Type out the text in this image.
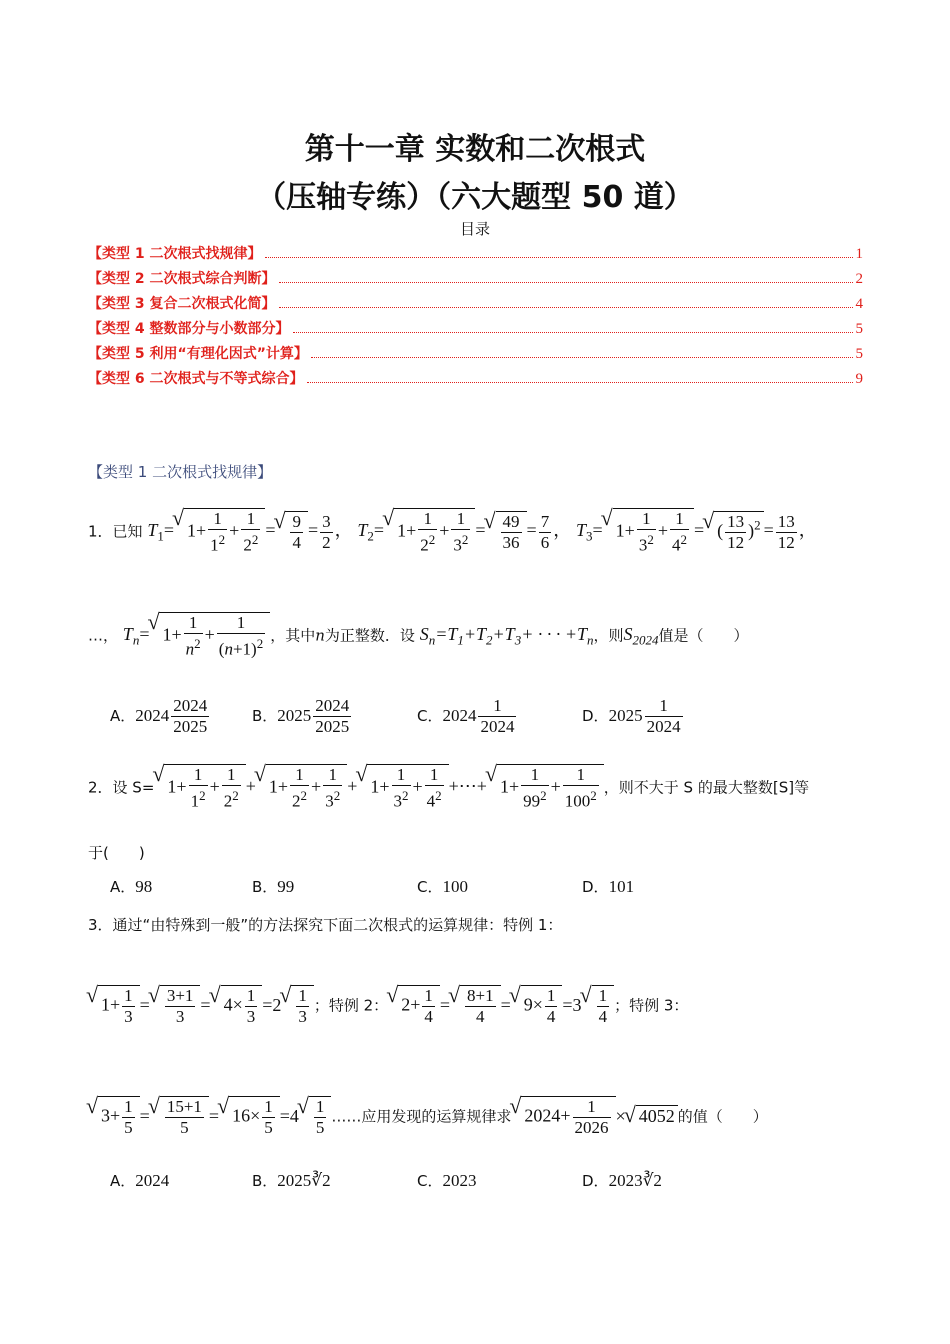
第十一章 实数和二次根式
（压轴专练）（六大题型 50 道）
目录
【类型 1 二次根式找规律】	1
【类型 2 二次根式综合判断】	2
【类型 3 复合二次根式化简】	4
【类型 4 整数部分与小数部分】	5
【类型 5 利用“有理化因式”计算】	5
【类型 6 二次根式与不等式综合】	9
【类型 1 二次根式找规律】
1．已知 $T_1=$ √ $1+ \frac{1}{1^2} + \frac{1}{2^2}$ = √ $\frac{9}{4} = \frac{3}{2}$ ， $T_2=$ √ $1+ \frac{1}{2^2} + \frac{1}{3^2}$ = √ $\frac{49}{36} = \frac{7}{6}$ ， $T_3=$ √ $1+ \frac{1}{3^2} + \frac{1}{4^2}$ = √ ( $\frac{13}{12} )^2 = \frac{13}{12}$ ，
…， $T_n=$ √ $1+ \frac{1}{n^2} + \frac{1}{(n+1)^2}$ ，其中n为正整数．设 $S_n=T_1+T_2+T_3+$ · · · $+T_n$，则$S_{2024}$值是（　　）
A．$2024 \frac{2024}{2025}$	B．$2025 \frac{2024}{2025}$	C．$2024 \frac{1}{2024}$	D．$2025 \frac{1}{2024}$
2．设 S= √ $1+ \frac{1}{1^2} + \frac{1}{2^2}$ + √ $1+ \frac{1}{2^2} + \frac{1}{3^2}$ + √ $1+ \frac{1}{3^2} + \frac{1}{4^2}$ +⋯+ √ $1+ \frac{1}{99^2} + \frac{1}{100^2}$ ，则不大于 S 的最大整数[S]等
于(　　)
A．98	B．99	C．100	D．101
3．通过“由特殊到一般”的方法探究下面二次根式的运算规律：特例 1：
√ $1+ \frac{1}{3}$ = √ $\frac{3+1}{3}$ = √ $4\times \frac{1}{3} =2$ √ $\frac{1}{3}$ ；特例 2： √ $2+ \frac{1}{4}$ = √ $\frac{8+1}{4}$ = √ $9\times \frac{1}{4} =3$ √ $\frac{1}{4}$ ；特例 3：
√ $3+ \frac{1}{5}$ = √ $\frac{15+1}{5}$ = √ $16\times \frac{1}{5} =4$ √ $\frac{1}{5}$ ……应用发现的运算规律求 √ $2024+ \frac{1}{2026}$ × √ 4052 的值（　　）
A．2024	B．2025∛2	C．2023	D．2023∛2
